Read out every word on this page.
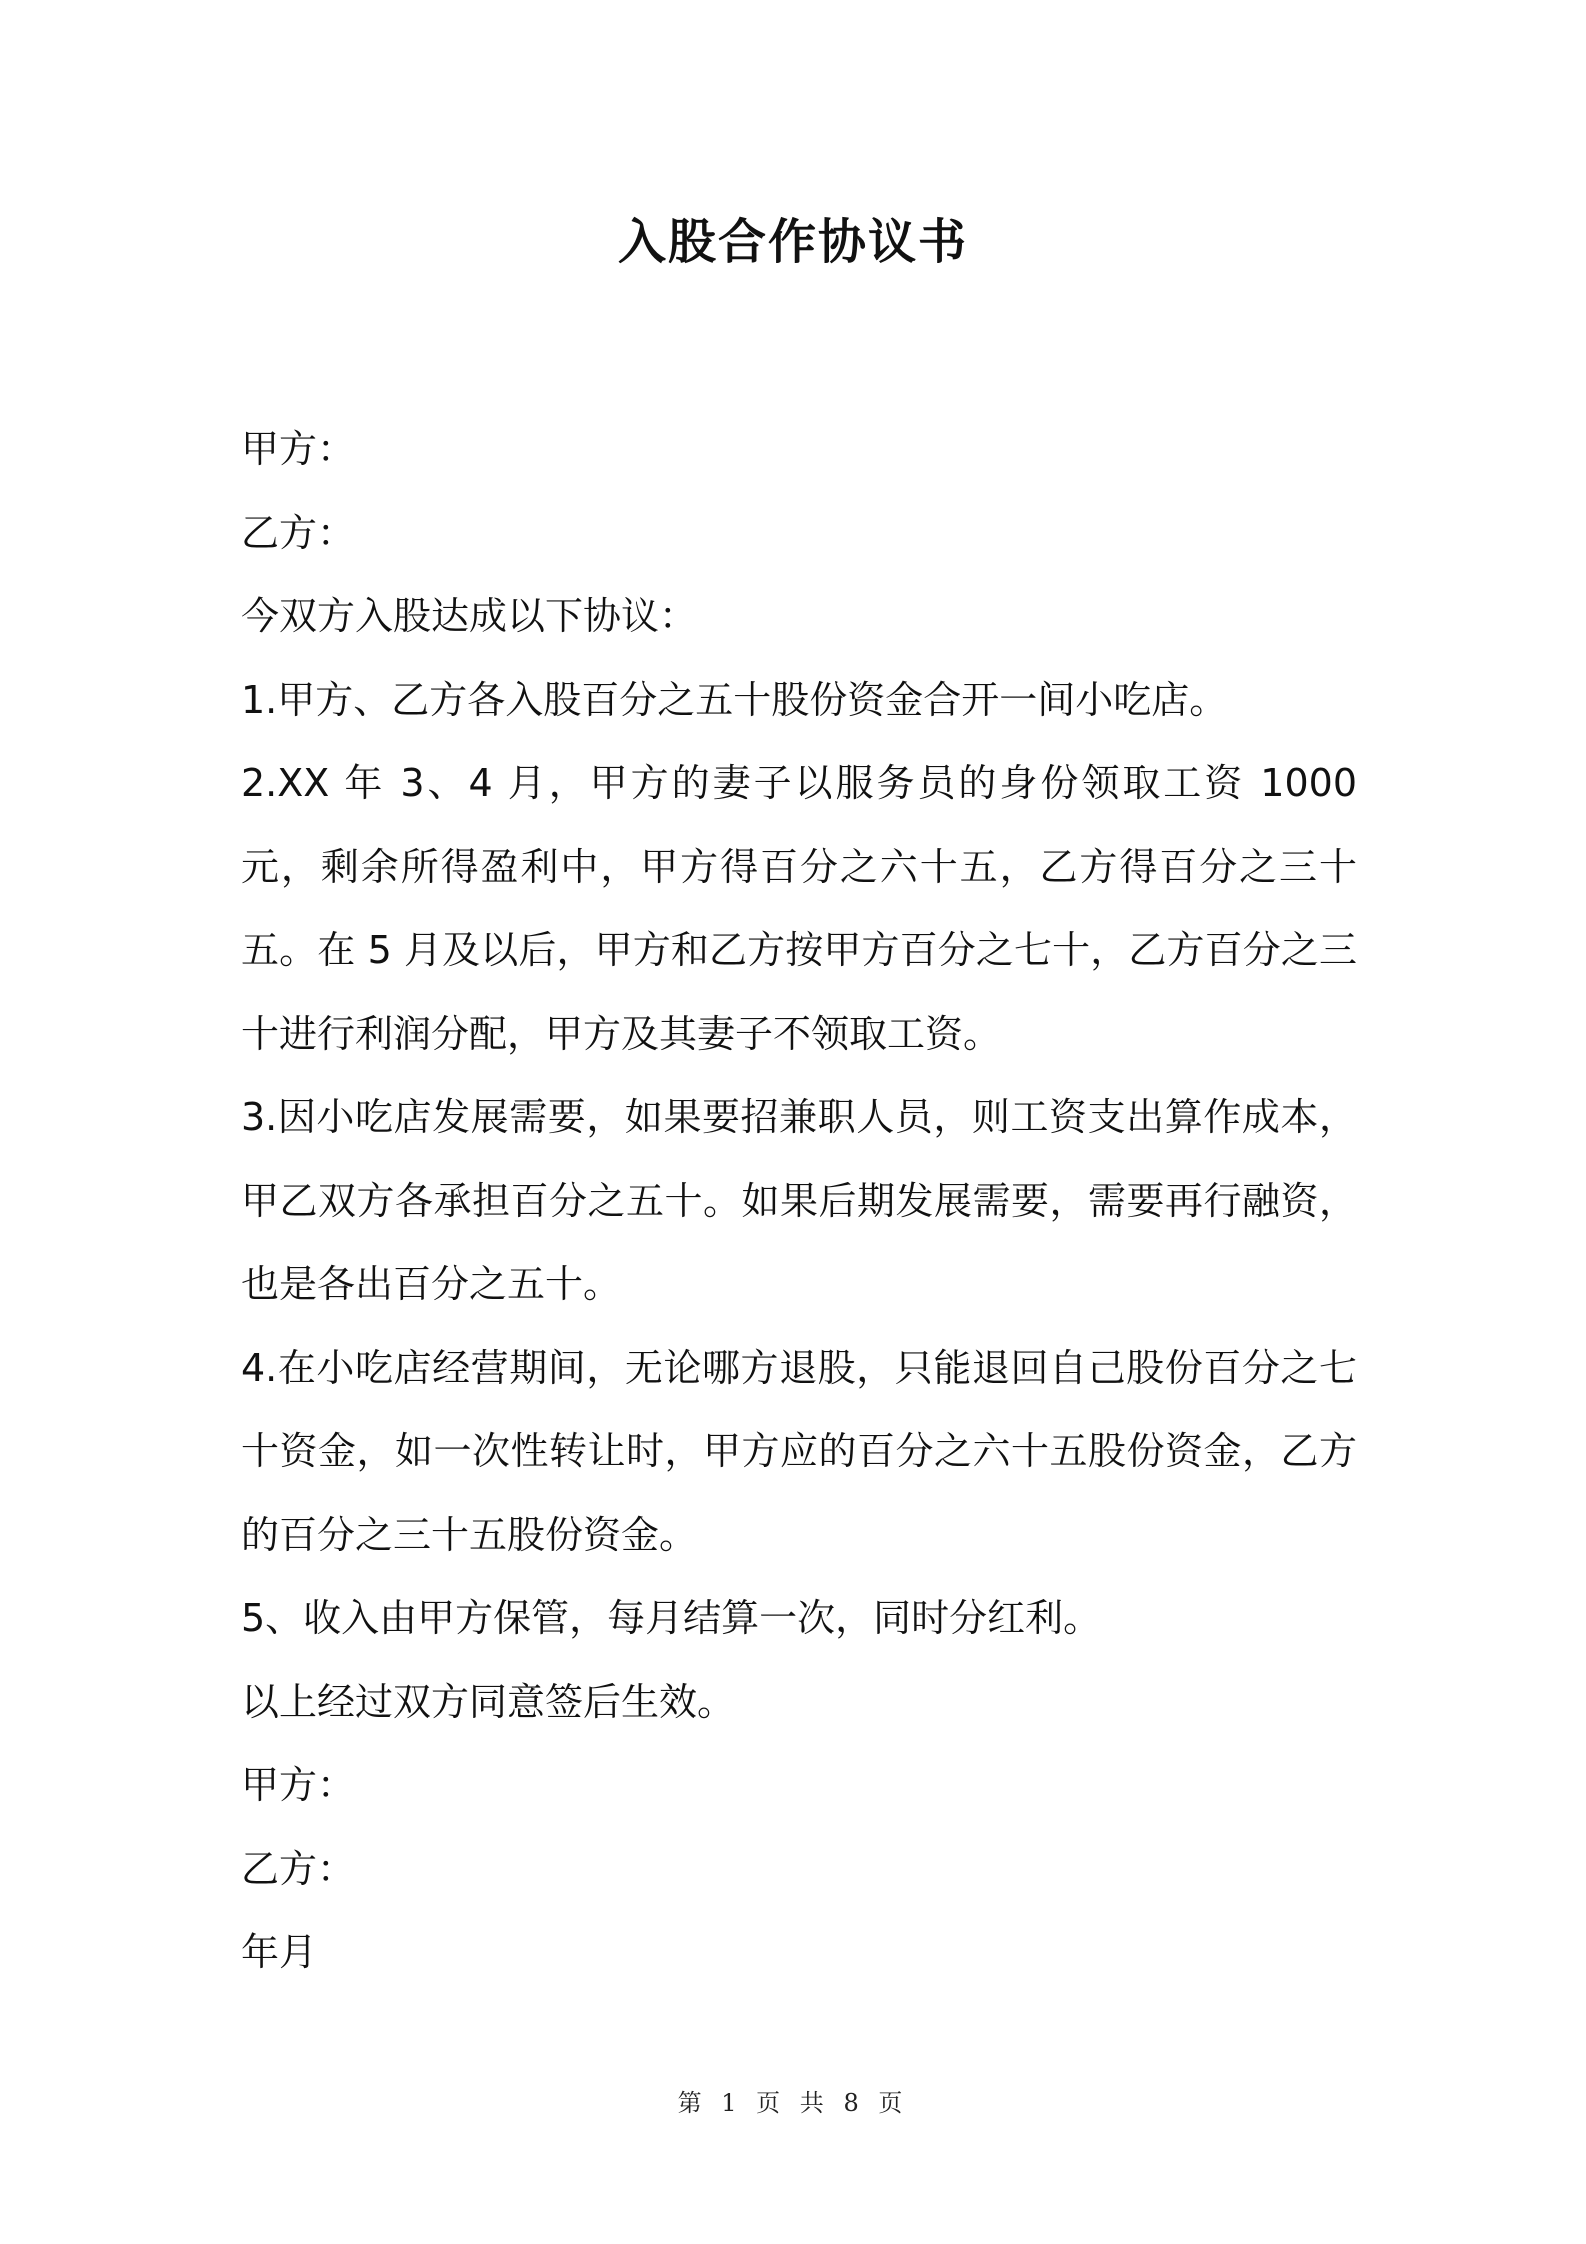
入股合作协议书

甲方：

乙方：

今双方入股达成以下协议：

1.甲方、乙方各入股百分之五十股份资金合开一间小吃店。

2.XX 年 3、4 月，甲方的妻子以服务员的身份领取工资 1000 元，剩余所得盈利中，甲方得百分之六十五，乙方得百分之三十五。在 5 月及以后，甲方和乙方按甲方百分之七十，乙方百分之三十进行利润分配，甲方及其妻子不领取工资。

3.因小吃店发展需要，如果要招兼职人员，则工资支出算作成本，甲乙双方各承担百分之五十。如果后期发展需要，需要再行融资，也是各出百分之五十。

4.在小吃店经营期间，无论哪方退股，只能退回自己股份百分之七十资金，如一次性转让时，甲方应的百分之六十五股份资金，乙方的百分之三十五股份资金。

5、收入由甲方保管，每月结算一次，同时分红利。

以上经过双方同意签后生效。

甲方：

乙方：

年月

第 1 页 共 8 页
